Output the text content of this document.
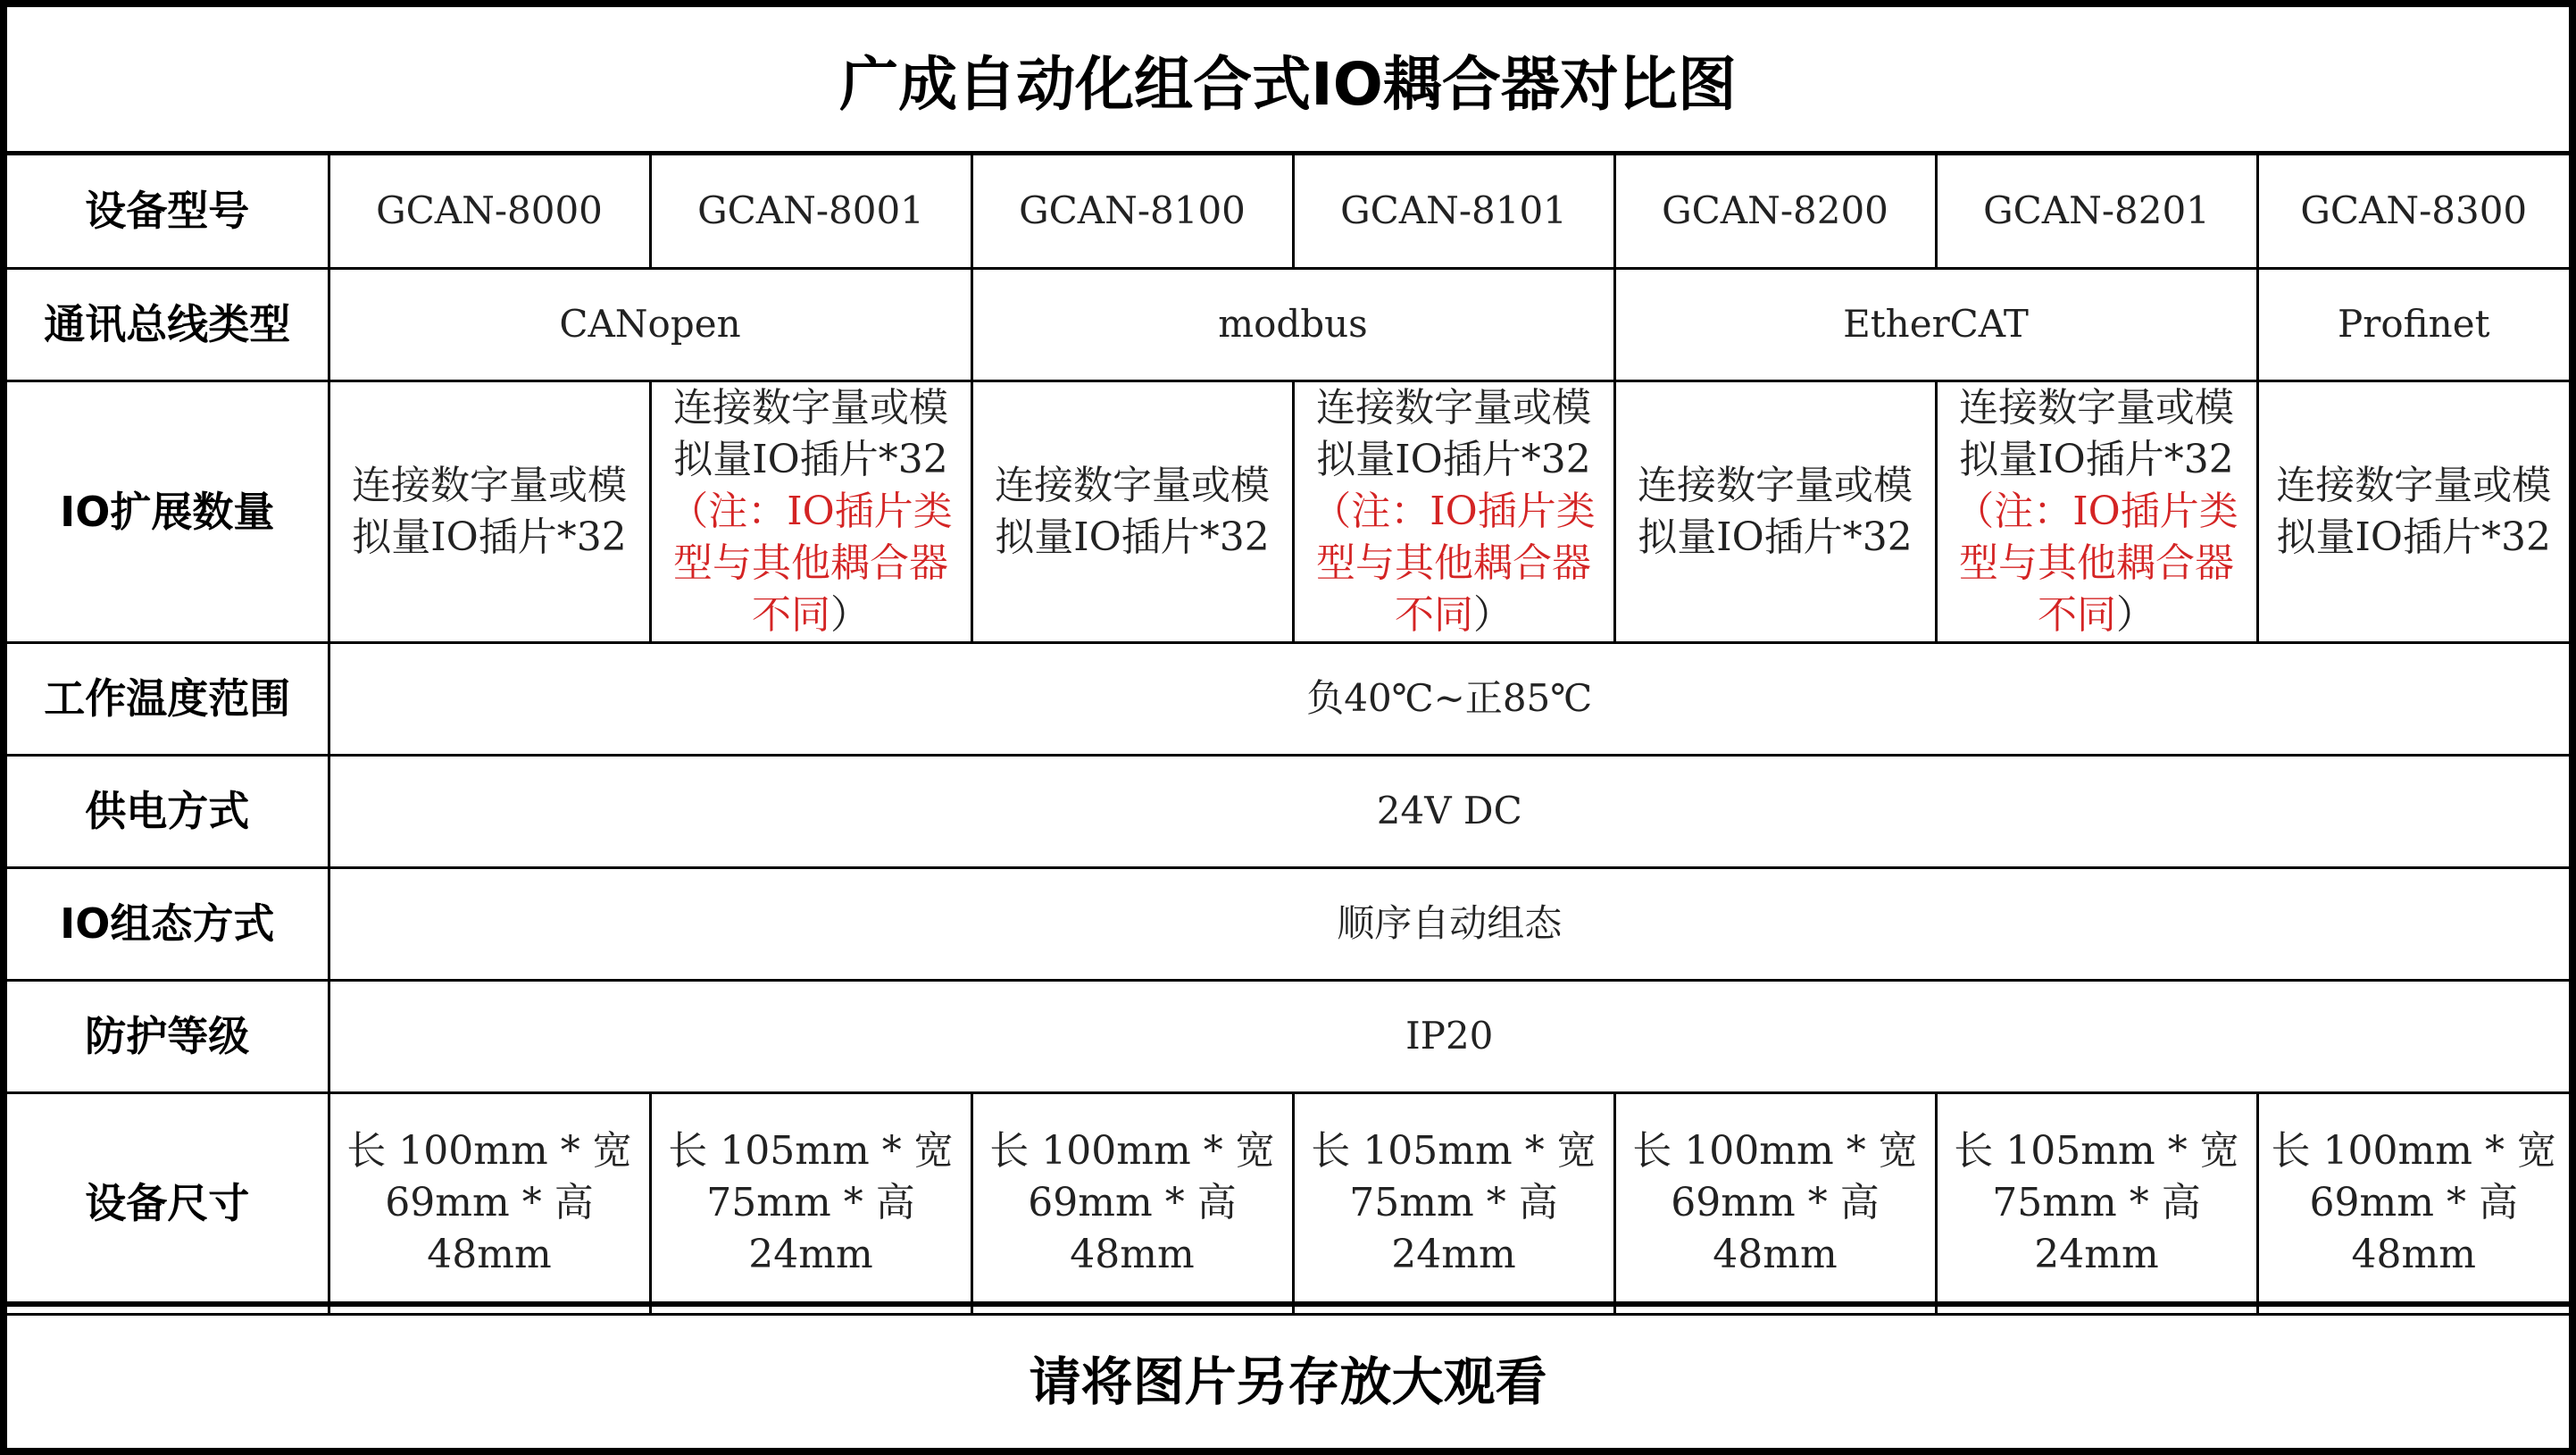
广成自动化组合式IO耦合器对比图
设备型号	GCAN-8000	GCAN-8001	GCAN-8100	GCAN-8101	GCAN-8200	GCAN-8201	GCAN-8300
通讯总线类型	CANopen		modbus		EtherCAT		Profinet
IO扩展数量	连接数字量或模拟量IO插片*32	连接数字量或模拟量IO插片*32（注：IO插片类型与其他耦合器不同）	连接数字量或模拟量IO插片*32	连接数字量或模拟量IO插片*32（注：IO插片类型与其他耦合器不同）	连接数字量或模拟量IO插片*32	连接数字量或模拟量IO插片*32（注：IO插片类型与其他耦合器不同）	连接数字量或模拟量IO插片*32
工作温度范围	负40℃~正85℃						
供电方式	24V DC						
IO组态方式	顺序自动组态						
防护等级	IP20						
设备尺寸	长 100mm * 宽69mm * 高 48mm	长 105mm * 宽75mm * 高 24mm	长 100mm * 宽69mm * 高 48mm	长 105mm * 宽75mm * 高 24mm	长 100mm * 宽69mm * 高 48mm	长 105mm * 宽75mm * 高24mm	长 100mm * 宽69mm * 高 48mm
请将图片另存放大观看
